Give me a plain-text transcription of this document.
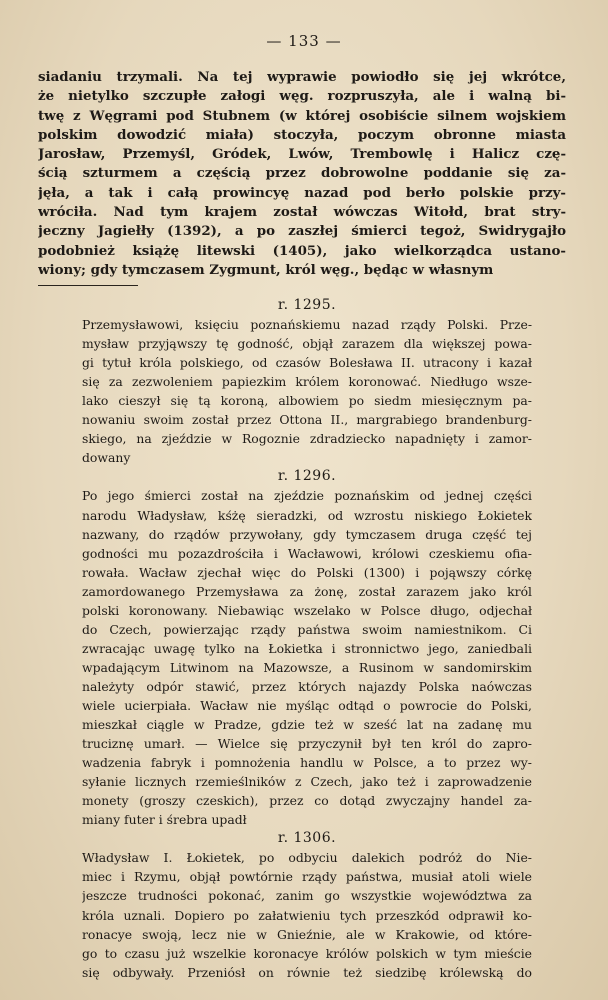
— 133 —
siadaniu trzymali. Na tej wyprawie powiodło się jej wkrótce,
że nietylko szczupłe załogi węg. rozpruszyła, ale i walną bi-
twę z Węgrami pod Stubnem (w której osobiście silnem wojskiem
polskim dowodzić miała) stoczyła, poczym obronne miasta
Jarosław, Przemyśl, Gródek, Lwów, Trembowlę i Halicz czę-
ścią szturmem a częścią przez dobrowolne poddanie się za-
jęła, a tak i całą prowincyę nazad pod berło polskie przy-
wróciła. Nad tym krajem został wówczas Witołd, brat stry-
jeczny Jagiełły (1392), a po zaszłej śmierci tegoż, Swidrygajło
podobnież książę litewski (1405), jako wielkorządca ustano-
wiony; gdy tymczasem Zygmunt, król węg., będąc w własnym
r. 1295.
Przemysławowi, księciu poznańskiemu nazad rządy Polski. Prze-
mysław przyjąwszy tę godność, objął zarazem dla większej powa-
gi tytuł króla polskiego, od czasów Bolesława II. utracony i kazał
się za zezwoleniem papiezkim królem koronować. Niedługo wsze-
lako cieszył się tą koroną, albowiem po siedm miesięcznym pa-
nowaniu swoim został przez Ottona II., margrabiego brandenburg-
skiego, na zjeździe w Rogoznie zdradziecko napadnięty i zamor-
dowany
r. 1296.
Po jego śmierci został na zjeździe poznańskim od jednej części
narodu Władysław, kśżę sieradzki, od wzrostu niskiego Łokietek
nazwany, do rządów przywołany, gdy tymczasem druga część tej
godności mu pozazdrościła i Wacławowi, królowi czeskiemu ofia-
rowała. Wacław zjechał więc do Polski (1300) i pojąwszy córkę
zamordowanego Przemysława za żonę, został zarazem jako król
polski koronowany. Niebawiąc wszelako w Polsce długo, odjechał
do Czech, powierzając rządy państwa swoim namiestnikom. Ci
zwracając uwagę tylko na Łokietka i stronnictwo jego, zaniedbali
wpadającym Litwinom na Mazowsze, a Rusinom w sandomirskim
należyty odpór stawić, przez których najazdy Polska naówczas
wiele ucierpiała. Wacław nie myśląc odtąd o powrocie do Polski,
mieszkał ciągle w Pradze, gdzie też w sześć lat na zadanę mu
truciznę umarł. — Wielce się przyczynił był ten król do zapro-
wadzenia fabryk i pomnożenia handlu w Polsce, a to przez wy-
syłanie licznych rzemieślników z Czech, jako też i zaprowadzenie
monety (groszy czeskich), przez co dotąd zwyczajny handel za-
miany futer i śrebra upadł
r. 1306.
Władysław I. Łokietek, po odbyciu dalekich podróż do Nie-
miec i Rzymu, objął powtórnie rządy państwa, musiał atoli wiele
jeszcze trudności pokonać, zanim go wszystkie województwa za
króla uznali. Dopiero po załatwieniu tych przeszkód odprawił ko-
ronacye swoją, lecz nie w Gnieźnie, ale w Krakowie, od które-
go to czasu już wszelkie koronacye królów polskich w tym mieście
się odbywały. Przeniósł on równie też siedzibę królewską do
